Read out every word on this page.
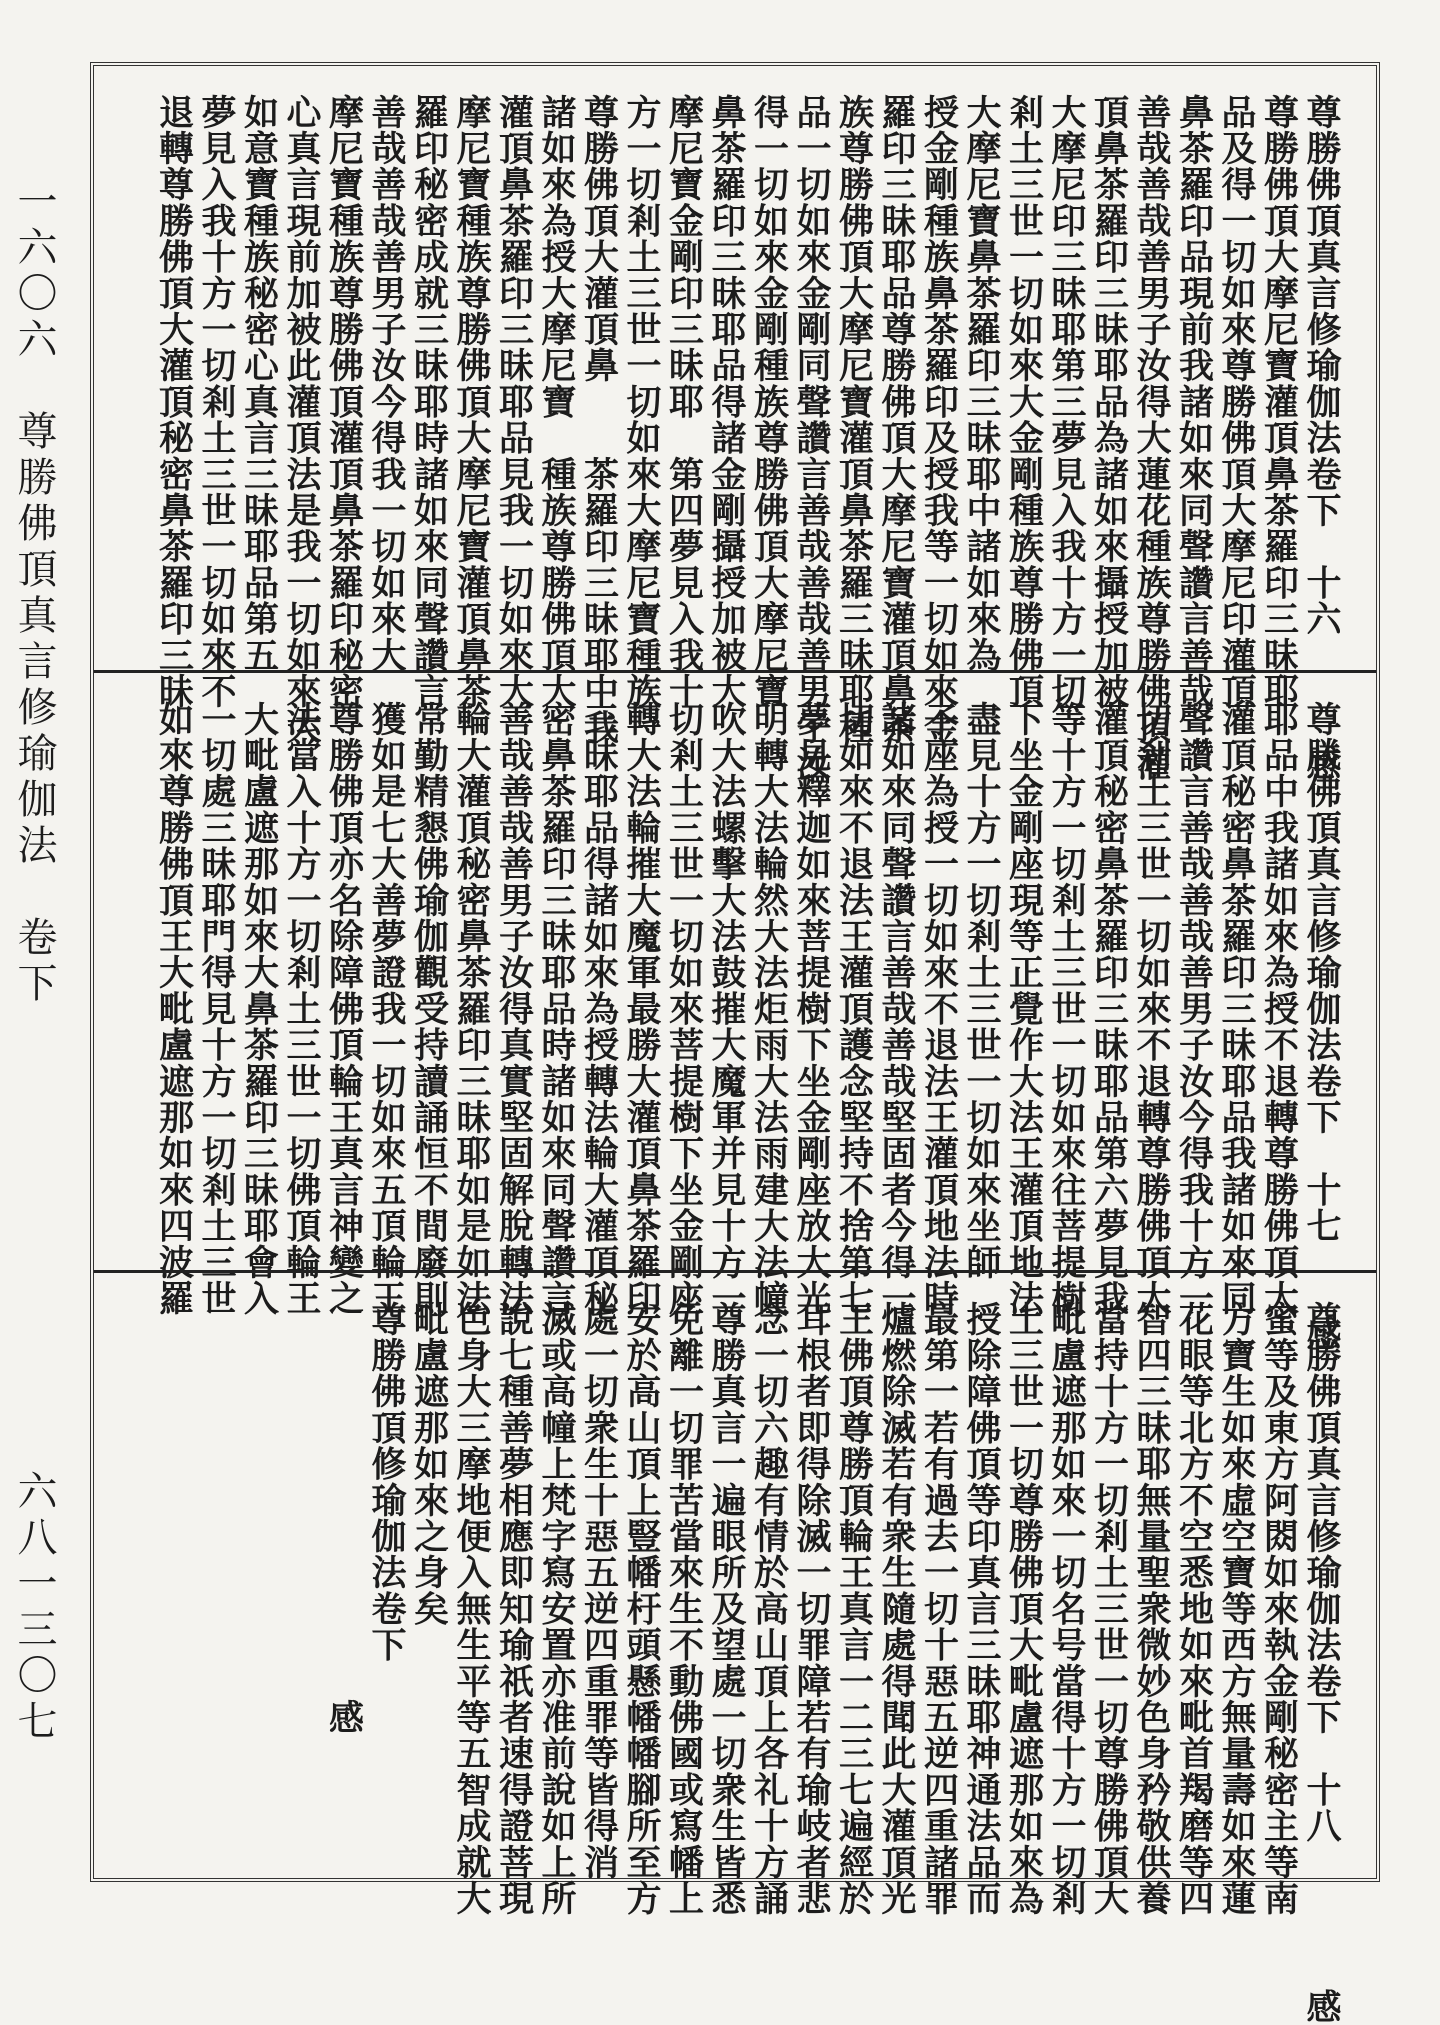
一六〇六　尊勝佛頂真言修瑜伽法　卷下
六八一三〇七
尊勝佛頂真言修瑜伽法卷下　十六　　　感
尊勝佛頂大摩尼寶灌頂鼻茶羅印三昧耶
品及得一切如來尊勝佛頂大摩尼印灌頂
鼻茶羅印品現前我諸如來同聲讚言善哉
善哉善哉善男子汝得大蓮花種族尊勝佛頂灌
頂鼻茶羅印三昧耶品為諸如來攝授加被
大摩尼印三昧耶第三夢見入我十方一切
剎土三世一切如來大金剛種族尊勝佛頂
大摩尼寶鼻茶羅印三昧耶中諸如來為
授金剛種族鼻茶羅印及授我等一切如來金
羅印三昧耶品尊勝佛頂大摩尼寶灌頂鼻茶
族尊勝佛頂大摩尼寶灌頂鼻茶羅三昧耶種
品一切如來金剛同聲讚言善哉善哉善男子汝
得一切如來金剛種族尊勝佛頂大摩尼寶
鼻茶羅印三昧耶品得諸金剛攝授加被大
摩尼寶金剛印三昧耶　第四夢見入我十
方一切剎土三世一切如來大摩尼寶種族
尊勝佛頂大灌頂鼻　　茶羅印三昧耶中我
諸如來為授大摩尼寶　種族尊勝佛頂大
灌頂鼻茶羅印三昧耶品見我一切如來大
摩尼寶種族尊勝佛頂大摩尼寶灌頂鼻茶
羅印秘密成就三昧耶時諸如來同聲讚言
善哉善哉善男子汝今得我一切如來大
摩尼寶種族尊勝佛頂灌頂鼻茶羅印秘密
心真言現前加被此灌頂法是我一切如來大
如意寶種族秘密心真言三昧耶品第五
夢見入我十方一切剎土三世一切如來不
退轉尊勝佛頂大灌頂秘密鼻茶羅印三昧
尊勝佛頂真言修瑜伽法卷下　十七　　感
耶品中我諸如來為授不退轉尊勝佛頂大
灌頂秘密鼻茶羅印三昧耶品我諸如來同
聲讚言善哉善哉善男子汝今得我十方一
切剎土三世一切如來不退轉尊勝佛頂大
灌頂秘密鼻茶羅印三昧耶品第六夢見我
等十方一切剎土三世一切如來往菩提樹
下坐金剛座現等正覺作大法王灌頂地法
盡見十方一切剎土三世一切如來坐師
子座為授一切如來不退法王灌頂地法時
諸如來同聲讚言善哉善哉堅固者今得一
切如來不退法王灌頂護念堅持不捨第七
夢見釋迦如來菩提樹下坐金剛座放大光
明轉大法輪然大法炬雨大法雨建大法幢
吹大法螺擊大法鼓摧大魔軍并見十方一
切剎土三世一切如來菩提樹下坐金剛座
轉大法輪摧大魔軍最勝大灌頂鼻茶羅印
三昧耶品得諸如來為授轉法輪大灌頂秘
密鼻茶羅印三昧耶品時諸如來同聲讚言
善哉善哉善男子汝得真實堅固解脫轉法
輪大灌頂秘密鼻茶羅印三昧耶如是如法
常勤精懇佛瑜伽觀受持讀誦恒不間廢則
獲如是七大善夢證我一切如來五頂輪王
尊勝佛頂亦名除障佛頂輪王真言神變之
法當入十方一切剎土三世一切佛頂輪王
大毗盧遮那如來大鼻茶羅印三昧耶會入
一切處三昧耶門得見十方一切剎土三世
如來尊勝佛頂王大毗盧遮那如來四波羅
尊勝佛頂真言修瑜伽法卷下　十八　　　　感
蜜等及東方阿閦如來執金剛秘密主等南
方寶生如來虛空寶等西方無量壽如來蓮
花眼等北方不空悉地如來毗首羯磨等四
智四三昧耶無量聖衆微妙色身矜敬供養
當持十方一切剎土三世一切尊勝佛頂大
毗盧遮那如來一切名号當得十方一切剎
土三世一切尊勝佛頂大毗盧遮那如來為
授除障佛頂等印真言三昧耶神通法品而
最第一若有過去一切十惡五逆四重諸罪
爐燃除滅若有衆生隨處得聞此大灌頂光
王佛頂尊勝頂輪王真言一二三七遍經於
耳根者即得除滅一切罪障若有瑜岐者悲
念一切六趣有情於高山頂上各礼十方誦
尊勝真言一遍眼所及望處一切衆生皆悉
免離一切罪苦當來生不動佛國或寫幡上
安於高山頂上豎幡杅頭懸幡幡腳所至方
處一切衆生十惡五逆四重罪等皆得消
滅或高幢上梵字寫安置亦准前說如上所
說七種善夢相應即知瑜祇者速得證菩現
色身大三摩地便入無生平等五智成就大
毗盧遮那如來之身矣
尊勝佛頂修瑜伽法卷下
　　　　　　　　　　　感
